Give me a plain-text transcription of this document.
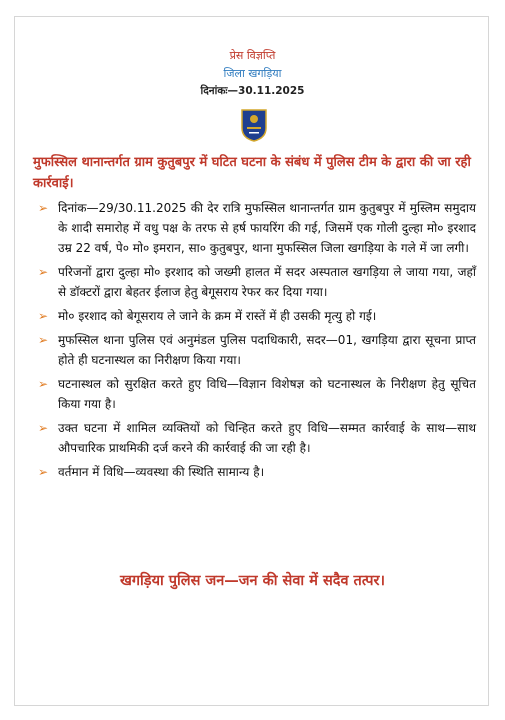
प्रेस विज्ञप्ति
जिला खगड़िया
दिनांकः—30.11.2025
मुफस्सिल थानान्तर्गत ग्राम कुतुबपुर में घटित घटना के संबंध में पुलिस टीम के द्वारा की जा रही कार्रवाई।
➢ दिनांक—29/30.11.2025 की देर रात्रि मुफस्सिल थानान्तर्गत ग्राम कुतुबपुर में मुस्लिम समुदाय के शादी समारोह में वधु पक्ष के तरफ से हर्ष फायरिंग की गई, जिसमें एक गोली दुल्हा मो० इरशाद उम्र 22 वर्ष, पे० मो० इमरान, सा० कुतुबपुर, थाना मुफस्सिल जिला खगड़िया के गले में जा लगी।
➢ परिजनों द्वारा दुल्हा मो० इरशाद को जख्मी हालत में सदर अस्पताल खगड़िया ले जाया गया, जहाँ से डॉक्टरों द्वारा बेहतर ईलाज हेतु बेगूसराय रेफर कर दिया गया।
➢ मो० इरशाद को बेगूसराय ले जाने के क्रम में रास्तें में ही उसकी मृत्यु हो गई।
➢ मुफस्सिल थाना पुलिस एवं अनुमंडल पुलिस पदाधिकारी, सदर—01, खगड़िया द्वारा सूचना प्राप्त होते ही घटनास्थल का निरीक्षण किया गया।
➢ घटनास्थल को सुरक्षित करते हुए विधि—विज्ञान विशेषज्ञ को घटनास्थल के निरीक्षण हेतु सूचित किया गया है।
➢ उक्त घटना में शामिल व्यक्तियों को चिन्हित करते हुए विधि—सम्मत कार्रवाई के साथ—साथ औपचारिक प्राथमिकी दर्ज करने की कार्रवाई की जा रही है।
➢ वर्तमान में विधि—व्यवस्था की स्थिति सामान्य है।
खगड़िया पुलिस जन—जन की सेवा में सदैव तत्पर।
